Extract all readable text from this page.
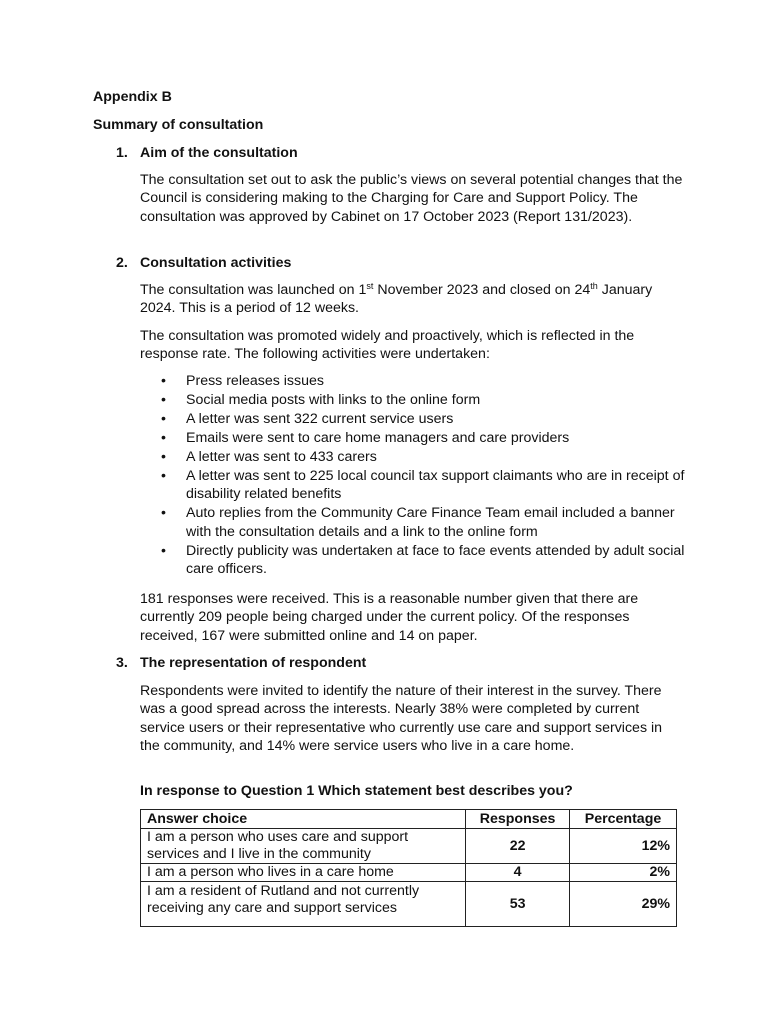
Appendix B

Summary of consultation

1. Aim of the consultation

The consultation set out to ask the public’s views on several potential changes that the Council is considering making to the Charging for Care and Support Policy. The consultation was approved by Cabinet on 17 October 2023 (Report 131/2023).

2. Consultation activities

The consultation was launched on 1st November 2023 and closed on 24th January 2024. This is a period of 12 weeks.

The consultation was promoted widely and proactively, which is reflected in the response rate. The following activities were undertaken:

• Press releases issues
• Social media posts with links to the online form
• A letter was sent 322 current service users
• Emails were sent to care home managers and care providers
• A letter was sent to 433 carers
• A letter was sent to 225 local council tax support claimants who are in receipt of disability related benefits
• Auto replies from the Community Care Finance Team email included a banner with the consultation details and a link to the online form
• Directly publicity was undertaken at face to face events attended by adult social care officers.

181 responses were received. This is a reasonable number given that there are currently 209 people being charged under the current policy. Of the responses received, 167 were submitted online and 14 on paper.

3. The representation of respondent

Respondents were invited to identify the nature of their interest in the survey. There was a good spread across the interests. Nearly 38% were completed by current service users or their representative who currently use care and support services in the community, and 14% were service users who live in a care home.

In response to Question 1 Which statement best describes you?

Answer choice	Responses	Percentage
I am a person who uses care and support services and I live in the community	22	12%
I am a person who lives in a care home	4	2%
I am a resident of Rutland and not currently receiving any care and support services	53	29%
